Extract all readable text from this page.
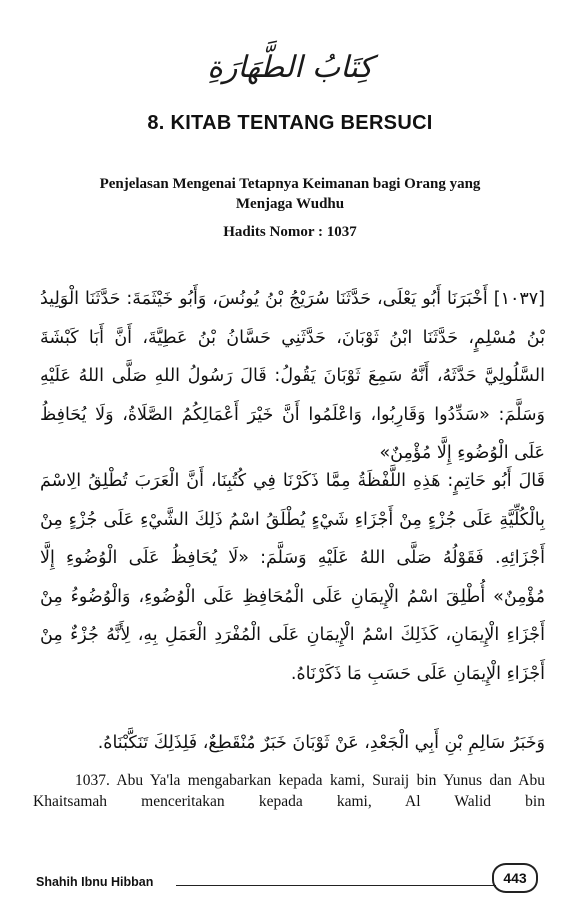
كِتَابُ الطَّهَارَةِ
8. KITAB TENTANG BERSUCI
Penjelasan Mengenai Tetapnya Keimanan bagi Orang yang Menjaga Wudhu
Hadits Nomor : 1037
[١٠٣٧] أَخْبَرَنَا أَبُو يَعْلَى، حَدَّثَنَا سُرَيْجُ بْنُ يُونُسَ، وَأَبُو خَيْثَمَةَ: حَدَّثَنَا الْوَلِيدُ بْنُ مُسْلِمٍ، حَدَّثَنَا ابْنُ ثَوْبَانَ، حَدَّثَنِي حَسَّانُ بْنُ عَطِيَّةَ، أَنَّ أَبَا كَبْشَةَ السَّلُولِيَّ حَدَّثَهُ، أَنَّهُ سَمِعَ ثَوْبَانَ يَقُولُ: قَالَ رَسُولُ اللهِ صَلَّى اللهُ عَلَيْهِ وَسَلَّمَ: «سَدِّدُوا وَقَارِبُوا، وَاعْلَمُوا أَنَّ خَيْرَ أَعْمَالِكُمُ الصَّلَاةُ، وَلَا يُحَافِظُ عَلَى الْوُضُوءِ إِلَّا مُؤْمِنٌ»
قَالَ أَبُو حَاتِمٍ: هَذِهِ اللَّفْظَةُ مِمَّا ذَكَرْنَا فِي كُتُبِنَا، أَنَّ الْعَرَبَ تُطْلِقُ الِاسْمَ بِالْكُلِّيَّةِ عَلَى جُزْءٍ مِنْ أَجْزَاءِ شَيْءٍ يُطْلَقُ اسْمُ ذَلِكَ الشَّيْءِ عَلَى جُزْءٍ مِنْ أَجْزَائِهِ. فَقَوْلُهُ صَلَّى اللهُ عَلَيْهِ وَسَلَّمَ: «لَا يُحَافِظُ عَلَى الْوُضُوءِ إِلَّا مُؤْمِنٌ» أُطْلِقَ اسْمُ الْإِيمَانِ عَلَى الْمُحَافِظِ عَلَى الْوُضُوءِ، وَالْوُضُوءُ مِنْ أَجْزَاءِ الْإِيمَانِ، كَذَلِكَ اسْمُ الْإِيمَانِ عَلَى الْمُفْرَدِ الْعَمَلِ بِهِ، لِأَنَّهُ جُزْءٌ مِنْ أَجْزَاءِ الْإِيمَانِ عَلَى حَسَبِ مَا ذَكَرْنَاهُ.
وَخَبَرُ سَالِمِ بْنِ أَبِي الْجَعْدِ، عَنْ ثَوْبَانَ خَبَرٌ مُنْقَطِعٌ، فَلِذَلِكَ تَنَكَّبْنَاهُ.
1037. Abu Ya'la mengabarkan kepada kami, Suraij bin Yunus dan Abu Khaitsamah menceritakan kepada kami, Al Walid bin
Shahih Ibnu Hibban	443
